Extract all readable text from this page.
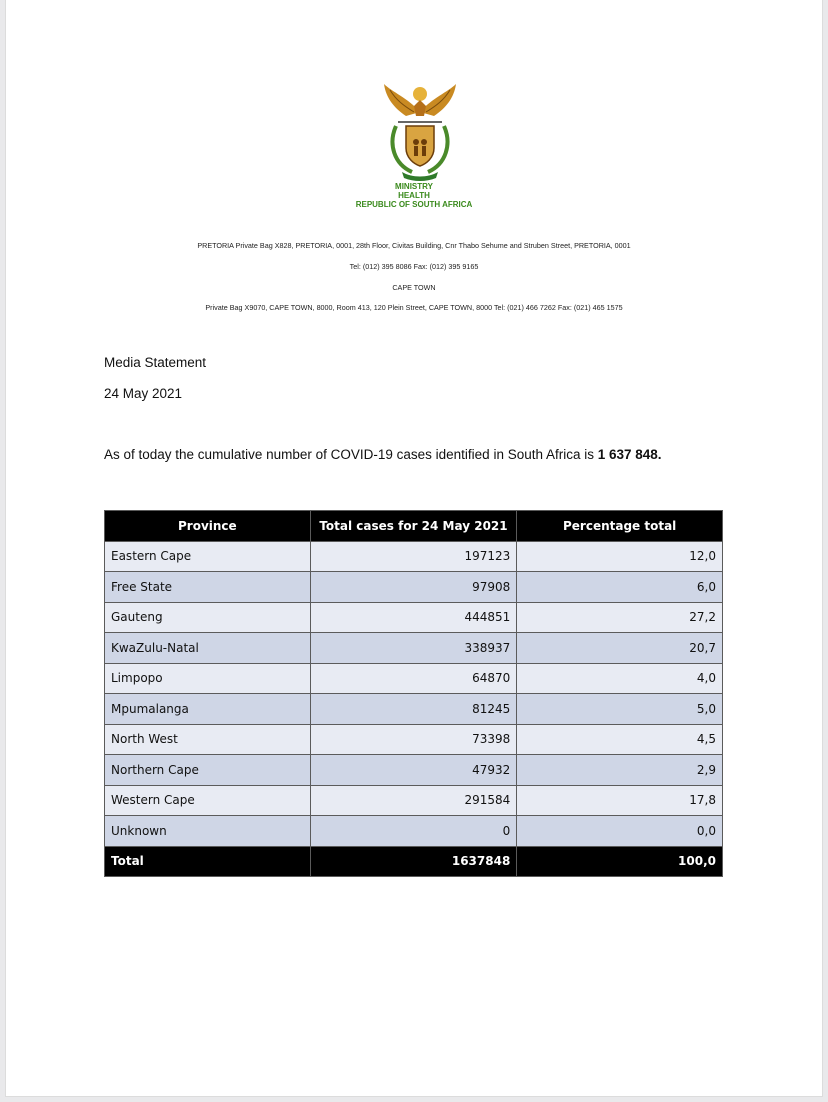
MINISTRY
HEALTH
REPUBLIC OF SOUTH AFRICA
PRETORIA Private Bag X828, PRETORIA, 0001, 28th Floor, Civitas Building, Cnr Thabo Sehume and Struben Street, PRETORIA, 0001
Tel: (012) 395 8086 Fax: (012) 395 9165
CAPE TOWN
Private Bag X9070, CAPE TOWN, 8000, Room 413, 120 Plein Street, CAPE TOWN, 8000 Tel: (021) 466 7262 Fax: (021) 465 1575
Media Statement
24 May 2021
As of today the cumulative number of COVID-19 cases identified in South Africa is 1 637 848.
Province	Total cases for 24 May 2021	Percentage total
Eastern Cape	197123	12,0
Free State	97908	6,0
Gauteng	444851	27,2
KwaZulu-Natal	338937	20,7
Limpopo	64870	4,0
Mpumalanga	81245	5,0
North West	73398	4,5
Northern Cape	47932	2,9
Western Cape	291584	17,8
Unknown	0	0,0
Total	1637848	100,0
